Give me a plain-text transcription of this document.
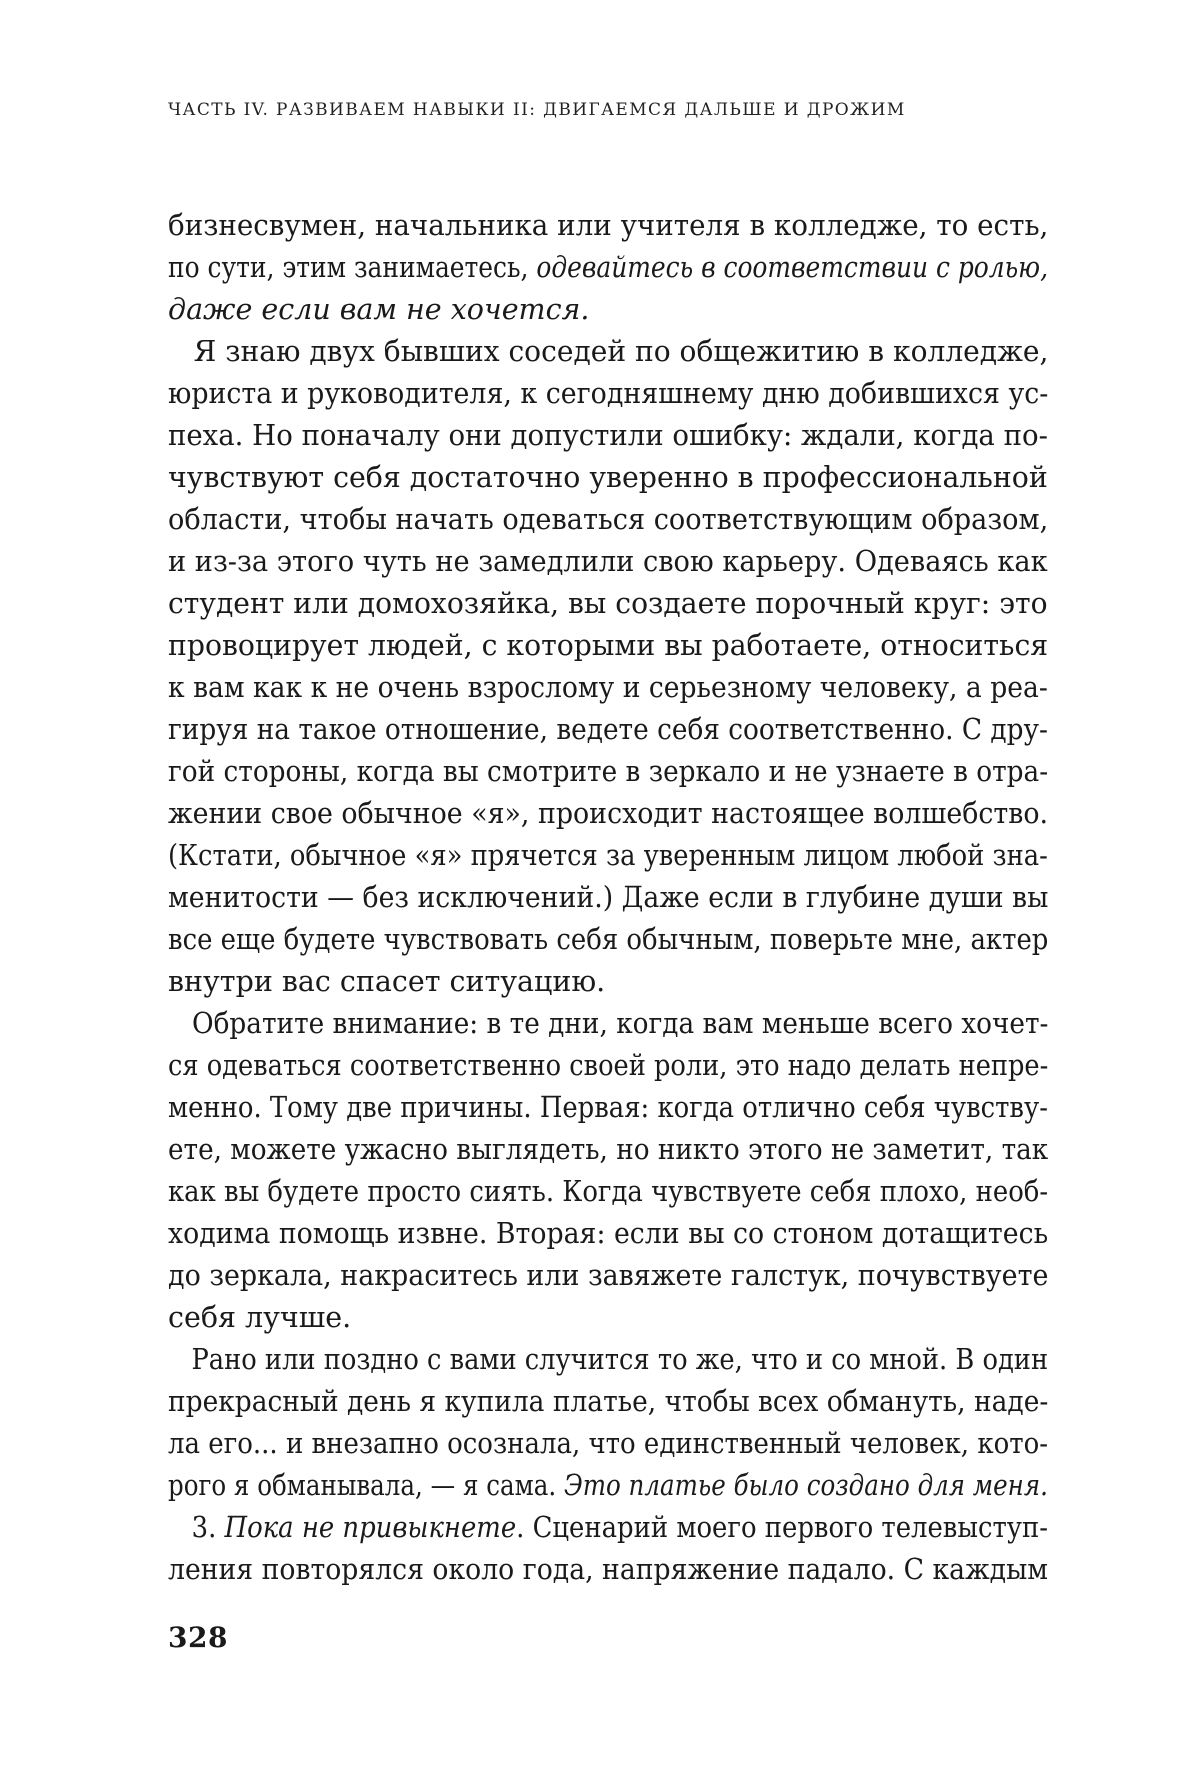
ЧАСТЬ IV. РАЗВИВАЕМ НАВЫКИ II: ДВИГАЕМСЯ ДАЛЬШЕ И ДРОЖИМ
бизнесвумен, начальника или учителя в колледже, то есть,
по сути, этим занимаетесь, одевайтесь в соответствии с ролью,
даже если вам не хочется.
Я знаю двух бывших соседей по общежитию в колледже,
юриста и руководителя, к сегодняшнему дню добившихся ус-
пеха. Но поначалу они допустили ошибку: ждали, когда по-
чувствуют себя достаточно уверенно в профессиональной
области, чтобы начать одеваться соответствующим образом,
и из-за этого чуть не замедлили свою карьеру. Одеваясь как
студент или домохозяйка, вы создаете порочный круг: это
провоцирует людей, с которыми вы работаете, относиться
к вам как к не очень взрослому и серьезному человеку, а реа-
гируя на такое отношение, ведете себя соответственно. С дру-
гой стороны, когда вы смотрите в зеркало и не узнаете в отра-
жении свое обычное «я», происходит настоящее волшебство.
(Кстати, обычное «я» прячется за уверенным лицом любой зна-
менитости — без исключений.) Даже если в глубине души вы
все еще будете чувствовать себя обычным, поверьте мне, актер
внутри вас спасет ситуацию.
Обратите внимание: в те дни, когда вам меньше всего хочет-
ся одеваться соответственно своей роли, это надо делать непре-
менно. Тому две причины. Первая: когда отлично себя чувству-
ете, можете ужасно выглядеть, но никто этого не заметит, так
как вы будете просто сиять. Когда чувствуете себя плохо, необ-
ходима помощь извне. Вторая: если вы со стоном дотащитесь
до зеркала, накраситесь или завяжете галстук, почувствуете
себя лучше.
Рано или поздно с вами случится то же, что и со мной. В один
прекрасный день я купила платье, чтобы всех обмануть, наде-
ла его... и внезапно осознала, что единственный человек, кото-
рого я обманывала, — я сама. Это платье было создано для меня.
3. Пока не привыкнете. Сценарий моего первого телевыступ-
ления повторялся около года, напряжение падало. С каждым
328
